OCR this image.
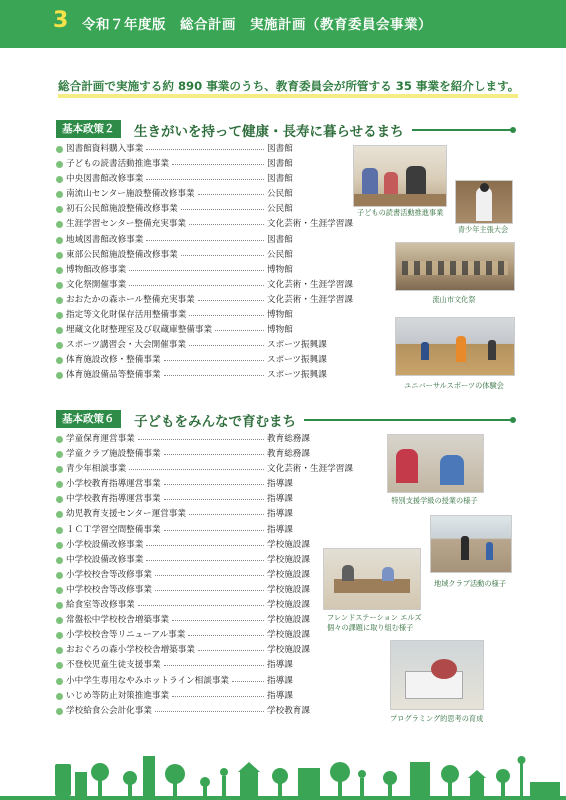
3 令和７年度版　総合計画　実施計画（教育委員会事業）
総合計画で実施する約 890 事業のうち、教育委員会が所管する 35 事業を紹介します。
基本政策２	生きがいを持って健康・長寿に暮らせるまち
図書館資料購入事業	図書館
子どもの読書活動推進事業	図書館
中央図書館改修事業	図書館
南流山センター施設整備改修事業	公民館
初石公民館施設整備改修事業	公民館
生涯学習センター整備充実事業	文化芸術・生涯学習課
地域図書館改修事業	図書館
東部公民館施設整備改修事業	公民館
博物館改修事業	博物館
文化祭開催事業	文化芸術・生涯学習課
おおたかの森ホール整備充実事業	文化芸術・生涯学習課
指定等文化財保存活用整備事業	博物館
埋蔵文化財整理室及び収蔵庫整備事業	博物館
スポーツ講習会・大会開催事業	スポーツ振興課
体育施設改修・整備事業	スポーツ振興課
体育施設備品等整備事業	スポーツ振興課
子どもの読書活動推進事業
青少年主張大会
流山市文化祭
ユニバーサルスポーツの体験会
基本政策６	子どもをみんなで育むまち
学童保育運営事業	教育総務課
学童クラブ施設整備事業	教育総務課
青少年相談事業	文化芸術・生涯学習課
小学校教育指導運営事業	指導課
中学校教育指導運営事業	指導課
幼児教育支援センター運営事業	指導課
ＩＣＴ学習空間整備事業	指導課
小学校設備改修事業	学校施設課
中学校設備改修事業	学校施設課
小学校校舎等改修事業	学校施設課
中学校校舎等改修事業	学校施設課
給食室等改修事業	学校施設課
常盤松中学校校舎増築事業	学校施設課
小学校校舎等リニューアル事業	学校施設課
おおぐろの森小学校校舎増築事業	学校施設課
不登校児童生徒支援事業	指導課
小中学生専用なやみホットライン相談事業	指導課
いじめ等防止対策推進事業	指導課
学校給食公会計化事業	学校教育課
特別支援学級の授業の様子
地域クラブ活動の様子
フレンドステーション エルズ
個々の課題に取り組む様子
プログラミング的思考の育成
